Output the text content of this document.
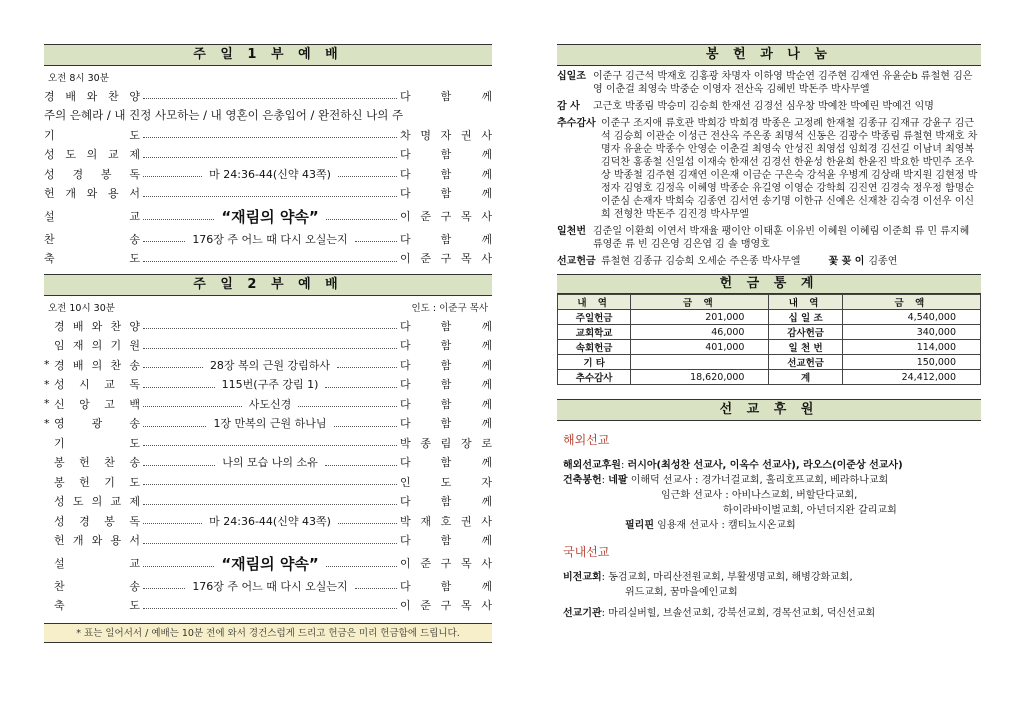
주 일 1 부 예 배
오전 8시 30분
경 배 와 찬 양	다	함	께
주의 은혜라 / 내 진정 사모하는 / 내 영혼이 은총입어 / 완전하신 나의 주
기	도	차 명 자 권 사
성 도 의 교 제	다	함	께
성 경 봉 독	마 24:36-44(신약 43쪽)	다	함	께
헌 개 와 용 서	다	함	께
설	교	“재림의 약속”	이 준 구 목 사
찬	송	176장 주 어느 때 다시 오실는지	다	함	께
축	도	이 준 구 목 사
주 일 2 부 예 배
오전 10시 30분	인도 : 이준구 목사
경 배 와 찬 양	다	함	께
임 재 의 기 원	다	함	께
* 경 배 의 찬 송	28장 복의 근원 강림하사	다	함	께
* 성 시 교 독	115번(구주 강림 1)	다	함	께
* 신 앙 고 백	사도신경	다	함	께
* 영 광 송	1장 만복의 근원 하나님	다	함	께
기	도	박 종 림 장 로
봉 헌 찬 송	나의 모습 나의 소유	다	함	께
봉 헌 기 도	인	도	자
성 도 의 교 제	다	함	께
성 경 봉 독	마 24:36-44(신약 43쪽)	박 재 호 권 사
헌 개 와 용 서	다	함	께
설	교	“재림의 약속”	이 준 구 목 사
찬	송	176장 주 어느 때 다시 오실는지	다	함	께
축	도	이 준 구 목 사
* 표는 일어서서 / 예배는 10분 전에 와서 경건스럽게 드리고 헌금은 미리 헌금함에 드립니다.
봉 헌 과 나 눔
십일조 이준구 김근석 박재호 김홍광 차명자 이하영 박순연 김주현 김재연 유윤순b 류철현 김은영 이춘걸 최영숙 박중순 이영자 전산옥 김혜빈 박돈주 박사무엘
감 사	고근호 박종림 박승미 김승희 한재선 김경선 심우창 박예찬 박예린 박예건 익명
추수감사 이준구 조지애 류호관 박희강 박희경 박종은 고정례 한재철 김종규 김재규 강윤구 김근석 김승희 이관순 이성근 전산옥 주은종 최명석 신동은 김광수 박종림 류철현 박재호 차명자 유윤순 박종수 안영순 이춘걸 최영숙 안성진 최영섭 임희경 김선길 이남녀 최영복 김덕찬 홍종철 신일섭 이재숙 한재선 김경선 한윤성 한윤희 한윤진 박요한 박민주 조우상 박종철 김주현 김재연 이은재 이금순 구은숙 강석윤 우병계 김상래 박지원 김현정 박정자 김영호 김정옥 이혜영 박종순 유길영 이영순 강학희 김진연 김경숙 정우정 함명순 이준심 손재자 박희숙 김종연 김서연 송기명 이한규 신예은 신재찬 김숙경 이선우 이신희 전형찬 박돈주 김진경 박사무엘
일천번 김준일 이환희 이연서 박재율 팽이안 이태훈 이유빈 이혜원 이혜림 이준희 류 민 류지혜 류영준 류 빈 김은영 김은엽 김 솔 맹영호
선교헌금 류철현 김종규 김승희 오세순 주은종 박사무엘	꽃 꽂 이 김종연
헌 금 통 계
내 역	금 액	내 역	금 액
주일헌금	201,000	십 일 조	4,540,000
교회학교	46,000	감사헌금	340,000
속회헌금	401,000	일 천 번	114,000
기 타		선교헌금	150,000
추수감사	18,620,000	계	24,412,000
선 교 후 원
해외선교
해외선교후원: 러시아(최성찬 선교사, 이옥수 선교사), 라오스(이준상 선교사)
건축봉헌: 네팔 이해덕 선교사 : 경가너걸교회, 홀리호프교회, 베라하나교회
임근화 선교사 : 아비나스교회, 버할단다교회,
하이라바이벌교회, 아넌더지완 갈리교회
필리핀 임용재 선교사 : 캠티뇨시온교회
국내선교
비전교회: 동검교회, 마리산전원교회, 부활생명교회, 해병강화교회,
위드교회, 꿈마을예인교회
선교기관: 마리실버힐, 브솔선교회, 강북선교회, 경목선교회, 덕신선교회
